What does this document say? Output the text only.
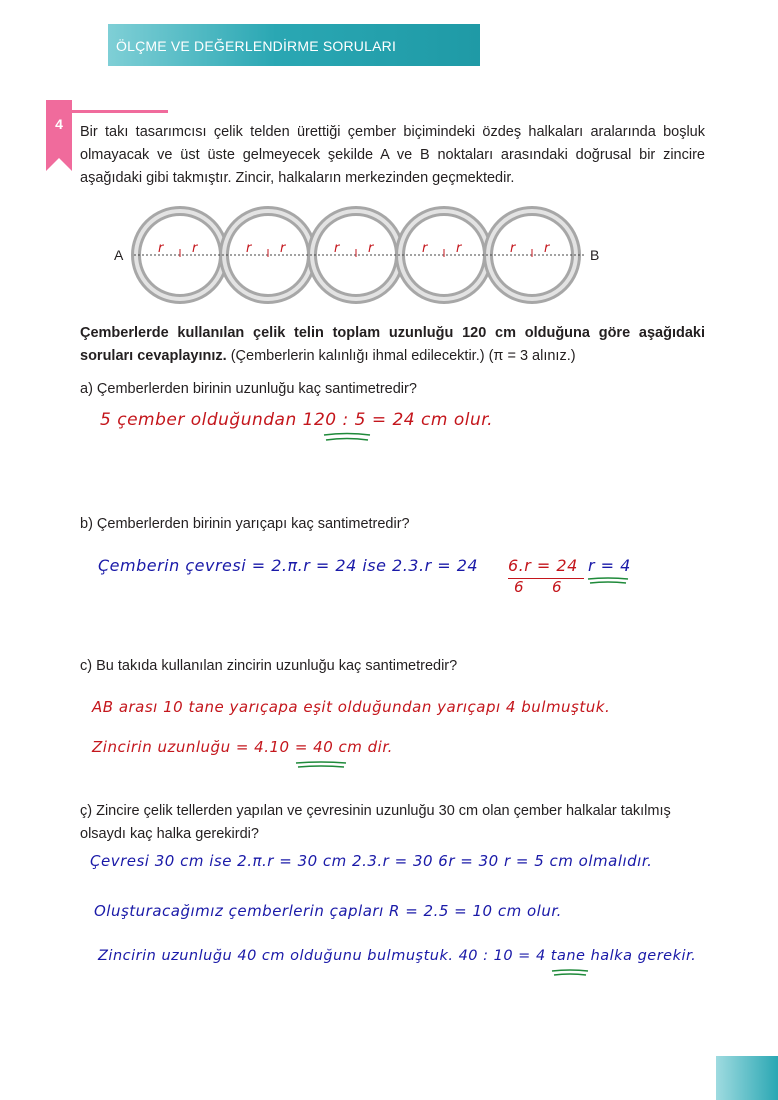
ÖLÇME VE DEĞERLENDİRME SORULARI
4	Bir takı tasarımcısı çelik telden ürettiği çember biçimindeki özdeş halkaları aralarında boşluk olmayacak ve üst üste gelmeyecek şekilde A ve B noktaları arasındaki doğrusal bir zincire aşağıdaki gibi takmıştır. Zincir, halkaların merkezinden geçmektedir.
A	B
r r	r r	r r	r r	r r
Çemberlerde kullanılan çelik telin toplam uzunluğu 120 cm olduğuna göre aşağıdaki soruları cevaplayınız. (Çemberlerin kalınlığı ihmal edilecektir.) (π = 3 alınız.)
a) Çemberlerden birinin uzunluğu kaç santimetredir?
5 çember olduğundan 120 : 5 = 24 cm olur.
b) Çemberlerden birinin yarıçapı kaç santimetredir?
Çemberin çevresi = 2.π.r = 24 ise 2.3.r = 24 6.r = 24
6 6
r = 4
c) Bu takıda kullanılan zincirin uzunluğu kaç santimetredir?
AB arası 10 tane yarıçapa eşit olduğundan yarıçapı 4 bulmuştuk.
Zincirin uzunluğu = 4.10 = 40 cm dir.
ç) Zincire çelik tellerden yapılan ve çevresinin uzunluğu 30 cm olan çember halkalar takılmış olsaydı kaç halka gerekirdi?
Çevresi 30 cm ise 2.π.r = 30 cm 2.3.r = 30 6r = 30 r = 5 cm olmalıdır.
Oluşturacağımız çemberlerin çapları R = 2.5 = 10 cm olur.
Zincirin uzunluğu 40 cm olduğunu bulmuştuk. 40 : 10 = 4 tane halka gerekir.
